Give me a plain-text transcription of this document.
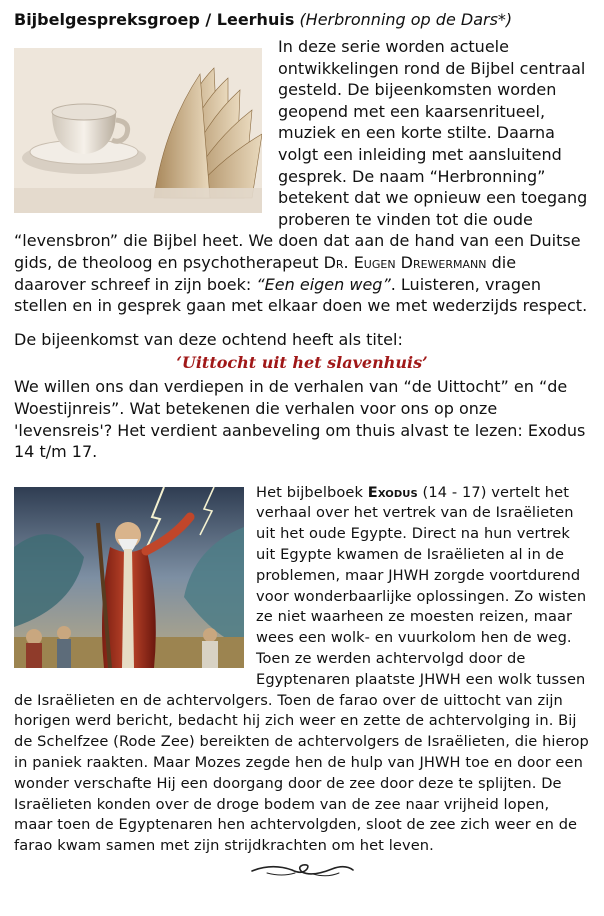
Bijbelgespreksgroep / Leerhuis (Herbronning op de Dars*)

In deze serie worden actuele ontwikkelingen rond de Bijbel centraal gesteld. De bijeenkomsten worden geopend met een kaarsenritueel, muziek en een korte stilte. Daarna volgt een inleiding met aansluitend gesprek. De naam “Herbronning” betekent dat we opnieuw een toegang proberen te vinden tot die oude “levensbron” die Bijbel heet. We doen dat aan de hand van een Duitse gids, de theoloog en psychotherapeut Dr. Eugen Drewermann die daarover schreef in zijn boek: “Een eigen weg”. Luisteren, vragen stellen en in gesprek gaan met elkaar doen we met wederzijds respect.

De bijeenkomst van deze ochtend heeft als titel:

‘Uittocht uit het slavenhuis’

We willen ons dan verdiepen in de verhalen van “de Uittocht” en “de Woestijnreis”. Wat betekenen die verhalen voor ons op onze 'levensreis'? Het verdient aanbeveling om thuis alvast te lezen: Exodus 14 t/m 17.

Het bijbelboek Exodus (14 - 17) vertelt het verhaal over het vertrek van de Israëlieten uit het oude Egypte. Direct na hun vertrek uit Egypte kwamen de Israëlieten al in de problemen, maar JHWH zorgde voortdurend voor wonderbaarlijke oplossingen. Zo wisten ze niet waarheen ze moesten reizen, maar wees een wolk- en vuurkolom hen de weg. Toen ze werden achtervolgd door de Egyptenaren plaatste JHWH een wolk tussen de Israëlieten en de achtervolgers. Toen de farao over de uittocht van zijn horigen werd bericht, bedacht hij zich weer en zette de achtervolging in. Bij de Schelfzee (Rode Zee) bereikten de achtervolgers de Israëlieten, die hierop in paniek raakten. Maar Mozes zegde hen de hulp van JHWH toe en door een wonder verschafte Hij een doorgang door de zee door deze te splijten. De Israëlieten konden over de droge bodem van de zee naar vrijheid lopen, maar toen de Egyptenaren hen achtervolgden, sloot de zee zich weer en de farao kwam samen met zijn strijdkrachten om het leven.
